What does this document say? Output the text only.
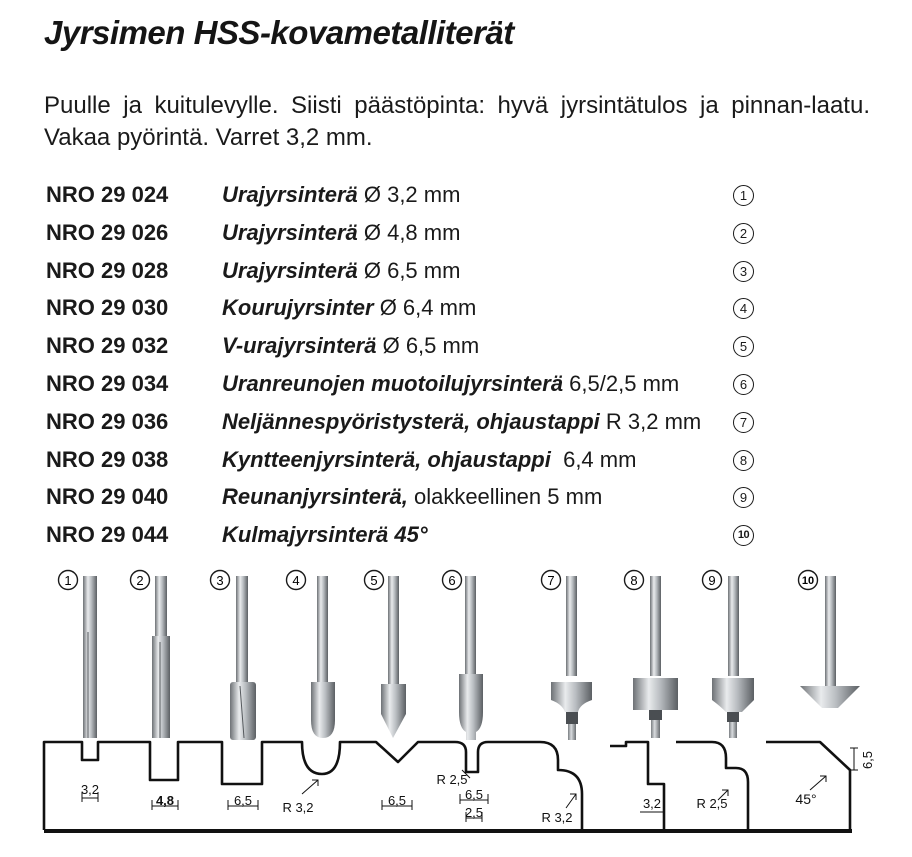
Jyrsimen HSS-kovametalliterät
Puulle ja kuitulevylle. Siisti päästöpinta: hyvä jyrsintätulos ja pinnan-laatu. Vakaa pyörintä. Varret 3,2 mm.
NRO 29 024 Urajyrsinterä Ø 3,2 mm	1
NRO 29 026 Urajyrsinterä Ø 4,8 mm	2
NRO 29 028 Urajyrsinterä Ø 6,5 mm	3
NRO 29 030 Kourujyrsinter Ø 6,4 mm	4
NRO 29 032 V-urajyrsinterä Ø 6,5 mm	5
NRO 29 034 Uranreunojen muotoilujyrsinterä 6,5/2,5 mm	6
NRO 29 036 Neljännespyöristysterä, ohjaustappi R 3,2 mm	7
NRO 29 038 Kyntteenjyrsinterä, ohjaustappi  6,4 mm	8
NRO 29 040 Reunanjyrsinterä, olakkeellinen 5 mm	9
NRO 29 044 Kulmajyrsinterä 45°	10
1	2	3	4	5	6	7	8	9	10
3,2
4,8	6,5 R 3,2	6,5
R 2,5
6,5
2,5	R 3,2
3,2	R 2,5
6,5
45°
